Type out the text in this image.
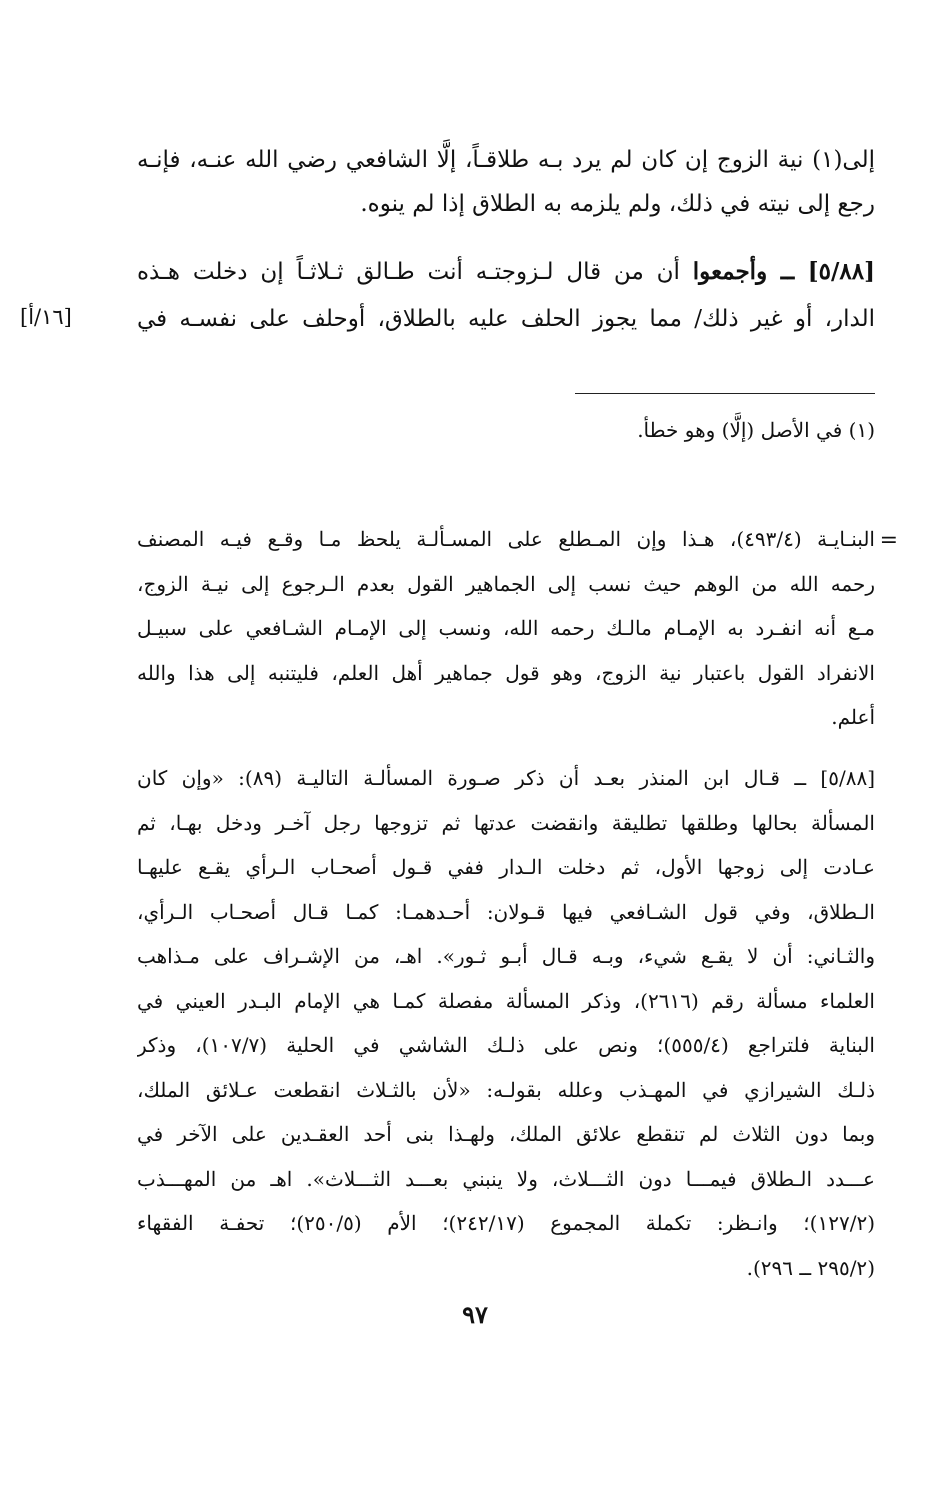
إلى(١) نية الزوج إن كان لم يرد بـه طلاقـاً، إلَّا الشافعي رضي الله عنـه، فإنـه
رجع إلى نيته في ذلك، ولم يلزمه به الطلاق إذا لم ينوه.
[٥/٨٨] ــ وأجمعوا أن من قال لـزوجتـه أنت طـالق ثـلاثـاً إن دخلت هـذه
الدار، أو غير ذلك/ مما يجوز الحلف عليه بالطلاق، أوحلف على نفسـه في
[١٦/أ]
(١) في الأصل (إلَّا) وهو خطأ.
=
البنـايـة (٤٩٣/٤)، هـذا وإن المـطلع على المسـألـة يلحظ مـا وقـع فيـه المصنف
رحمه الله من الوهم حيث نسب إلى الجماهير القول بعدم الـرجوع إلى نيـة الزوج،
مـع أنه انفـرد به الإمـام مالـك رحمه الله، ونسب إلى الإمـام الشـافعي على سبيـل
الانفراد القول باعتبار نية الزوج، وهو قول جماهير أهل العلم، فليتنبه إلى هذا والله
أعلم.
[٥/٨٨] ــ قـال ابن المنذر بعـد أن ذكر صـورة المسألـة التاليـة (٨٩): «وإن كان
المسألة بحالها وطلقها تطليقة وانقضت عدتها ثم تزوجها رجل آخـر ودخل بهـا، ثم
عـادت إلى زوجها الأول، ثم دخلت الـدار ففي قـول أصحـاب الـرأي يقـع عليهـا
الـطلاق، وفي قول الشـافعي فيها قـولان: أحـدهمـا: كمـا قـال أصحـاب الـرأي،
والثـاني: أن لا يقـع شيء، وبـه قـال أبـو ثـور». اهـ، من الإشـراف على مـذاهب
العلماء مسألة رقم (٢٦١٦)، وذكر المسألة مفصلة كمـا هي الإمام البـدر العيني في
البناية فلتراجع (٥٥٥/٤)؛ ونص على ذلـك الشاشي في الحلية (١٠٧/٧)، وذكر
ذلـك الشيرازي في المهـذب وعلله بقولـه: «لأن بالثـلاث انقطعت عـلائق الملك،
وبما دون الثلاث لم تنقطع علائق الملك، ولهـذا بنى أحد العقـدين على الآخر في
عـــدد الـطلاق فيمـــا دون الثـــلاث، ولا ينبني بعـــد الثـــلاث». اهـ من المهـــذب
(١٢٧/٢)؛ وانـظر: تكملة المجموع (٢٤٢/١٧)؛ الأم (٢٥٠/٥)؛ تحفـة الفقهاء
(٢٩٥/٢ ــ ٢٩٦).
٩٧
